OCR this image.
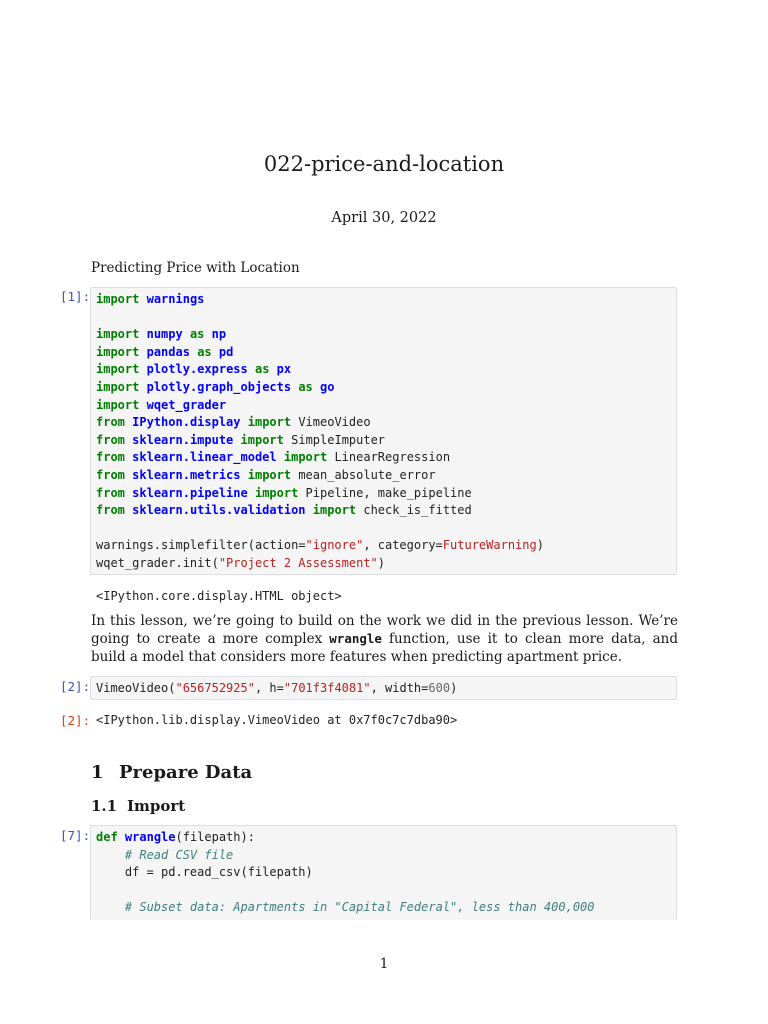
022-price-and-location
April 30, 2022
Predicting Price with Location
[1]: import warnings

import numpy as np
import pandas as pd
import plotly.express as px
import plotly.graph_objects as go
import wqet_grader
from IPython.display import VimeoVideo
from sklearn.impute import SimpleImputer
from sklearn.linear_model import LinearRegression
from sklearn.metrics import mean_absolute_error
from sklearn.pipeline import Pipeline, make_pipeline
from sklearn.utils.validation import check_is_fitted

warnings.simplefilter(action="ignore", category=FutureWarning)
wqet_grader.init("Project 2 Assessment")
<IPython.core.display.HTML object>
In this lesson, we’re going to build on the work we did in the previous lesson. We’re going to create a more complex wrangle function, use it to clean more data, and build a model that considers more features when predicting apartment price.
[2]: VimeoVideo("656752925", h="701f3f4081", width=600)
[2]: <IPython.lib.display.VimeoVideo at 0x7f0c7c7dba90>
1 Prepare Data
1.1 Import
[7]: def wrangle(filepath):
# Read CSV file
df = pd.read_csv(filepath)

# Subset data: Apartments in "Capital Federal", less than 400,000
1
